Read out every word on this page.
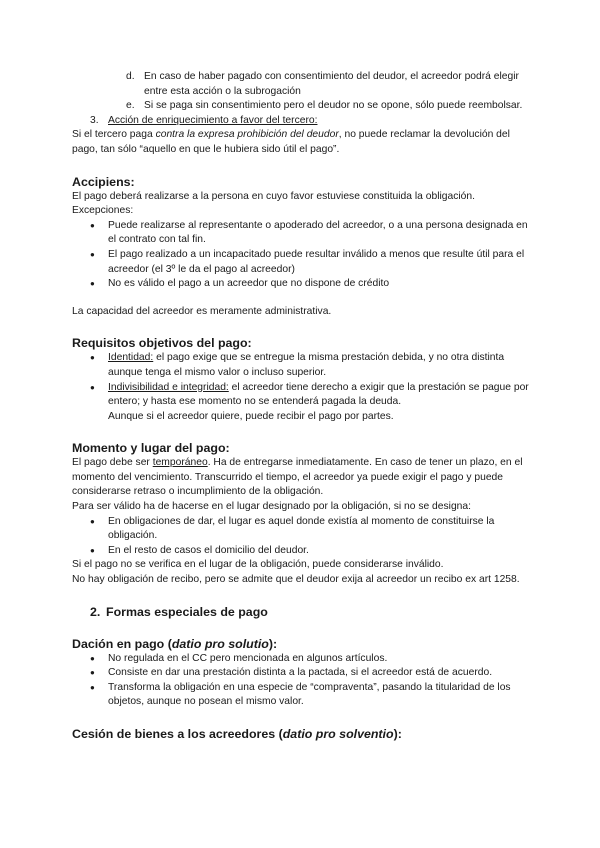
d. En caso de haber pagado con consentimiento del deudor, el acreedor podrá elegir entre esta acción o la subrogación
e. Si se paga sin consentimiento pero el deudor no se opone, sólo puede reembolsar.
3. Acción de enriquecimiento a favor del tercero:

Si el tercero paga contra la expresa prohibición del deudor, no puede reclamar la devolución del pago, tan sólo “aquello en que le hubiera sido útil el pago”.

Accipiens:

El pago deberá realizarse a la persona en cuyo favor estuviese constituida la obligación.

Excepciones:

● Puede realizarse al representante o apoderado del acreedor, o a una persona designada en el contrato con tal fin.
● El pago realizado a un incapacitado puede resultar inválido a menos que resulte útil para el acreedor (el 3º le da el pago al acreedor)
● No es válido el pago a un acreedor que no dispone de crédito

La capacidad del acreedor es meramente administrativa.

Requisitos objetivos del pago:
● Identidad: el pago exige que se entregue la misma prestación debida, y no otra distinta aunque tenga el mismo valor o incluso superior.
● Indivisibilidad e integridad: el acreedor tiene derecho a exigir que la prestación se pague por entero; y hasta ese momento no se entenderá pagada la deuda.
Aunque si el acreedor quiere, puede recibir el pago por partes.
Momento y lugar del pago:

El pago debe ser temporáneo. Ha de entregarse inmediatamente. En caso de tener un plazo, en el momento del vencimiento. Transcurrido el tiempo, el acreedor ya puede exigir el pago y puede considerarse retraso o incumplimiento de la obligación.

Para ser válido ha de hacerse en el lugar designado por la obligación, si no se designa:

● En obligaciones de dar, el lugar es aquel donde existía al momento de constituirse la obligación.
● En el resto de casos el domicilio del deudor.

Si el pago no se verifica en el lugar de la obligación, puede considerarse inválido.

No hay obligación de recibo, pero se admite que el deudor exija al acreedor un recibo ex art 1258.

2. Formas especiales de pago
Dación en pago (datio pro solutio):
● No regulada en el CC pero mencionada en algunos artículos.
● Consiste en dar una prestación distinta a la pactada, si el acreedor está de acuerdo.
● Transforma la obligación en una especie de “compraventa”, pasando la titularidad de los objetos, aunque no posean el mismo valor.
Cesión de bienes a los acreedores (datio pro solventio):
